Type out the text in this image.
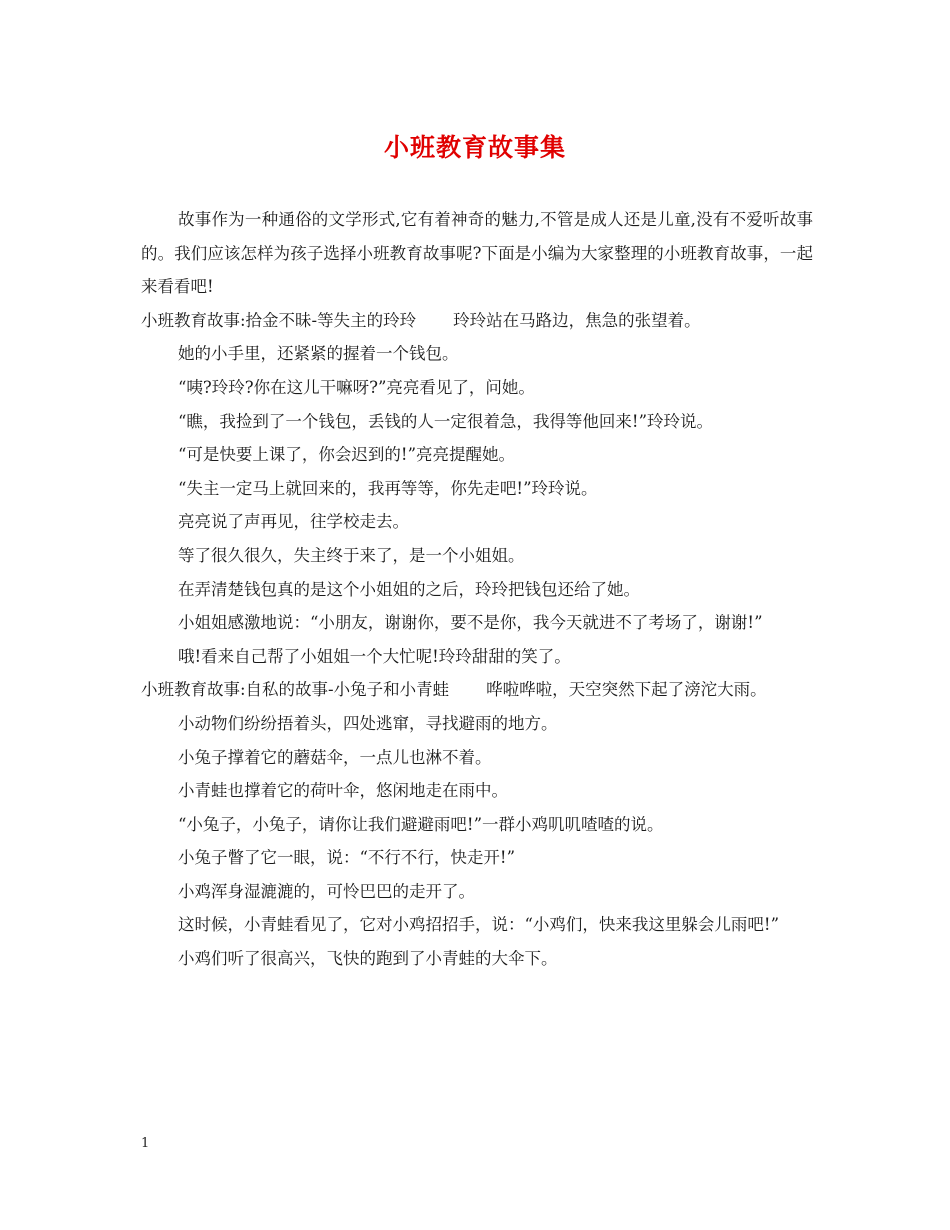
小班教育故事集

故事作为一种通俗的文学形式,它有着神奇的魅力,不管是成人还是儿童,没有不爱听故事的。我们应该怎样为孩子选择小班教育故事呢?下面是小编为大家整理的小班教育故事，一起来看看吧!

小班教育故事:拾金不昧-等失主的玲玲 玲玲站在马路边，焦急的张望着。

她的小手里，还紧紧的握着一个钱包。

“咦?玲玲?你在这儿干嘛呀?”亮亮看见了，问她。

“瞧，我捡到了一个钱包，丢钱的人一定很着急，我得等他回来!”玲玲说。

“可是快要上课了，你会迟到的!”亮亮提醒她。

“失主一定马上就回来的，我再等等，你先走吧!”玲玲说。

亮亮说了声再见，往学校走去。

等了很久很久，失主终于来了，是一个小姐姐。

在弄清楚钱包真的是这个小姐姐的之后，玲玲把钱包还给了她。

小姐姐感激地说：“小朋友，谢谢你，要不是你，我今天就进不了考场了，谢谢!”

哦!看来自己帮了小姐姐一个大忙呢!玲玲甜甜的笑了。

小班教育故事:自私的故事-小兔子和小青蛙 哗啦哗啦，天空突然下起了滂沱大雨。

小动物们纷纷捂着头，四处逃窜，寻找避雨的地方。

小兔子撑着它的蘑菇伞，一点儿也淋不着。

小青蛙也撑着它的荷叶伞，悠闲地走在雨中。

“小兔子，小兔子，请你让我们避避雨吧!”一群小鸡叽叽喳喳的说。

小兔子瞥了它一眼，说：“不行不行，快走开!”

小鸡浑身湿漉漉的，可怜巴巴的走开了。

这时候，小青蛙看见了，它对小鸡招招手，说：“小鸡们，快来我这里躲会儿雨吧!”

小鸡们听了很高兴，飞快的跑到了小青蛙的大伞下。

1
